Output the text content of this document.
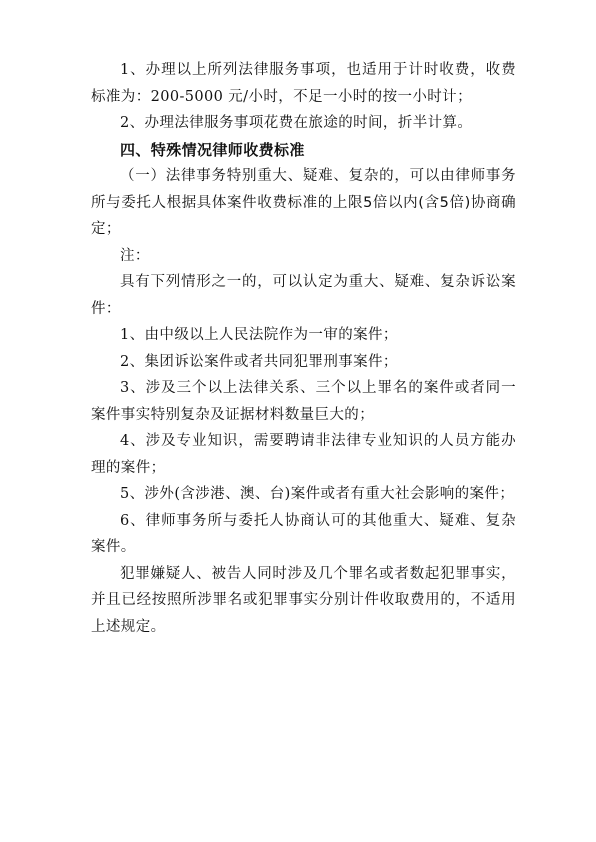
1、办理以上所列法律服务事项，也适用于计时收费，收费标准为：200-5000 元/小时，不足一小时的按一小时计；

2、办理法律服务事项花费在旅途的时间，折半计算。

四、特殊情况律师收费标准

（一）法律事务特别重大、疑难、复杂的，可以由律师事务所与委托人根据具体案件收费标准的上限5倍以内(含5倍)协商确定；

注：

具有下列情形之一的，可以认定为重大、疑难、复杂诉讼案件：

1、由中级以上人民法院作为一审的案件；

2、集团诉讼案件或者共同犯罪刑事案件；

3、涉及三个以上法律关系、三个以上罪名的案件或者同一案件事实特别复杂及证据材料数量巨大的；

4、涉及专业知识，需要聘请非法律专业知识的人员方能办理的案件；

5、涉外(含涉港、澳、台)案件或者有重大社会影响的案件；

6、律师事务所与委托人协商认可的其他重大、疑难、复杂案件。

犯罪嫌疑人、被告人同时涉及几个罪名或者数起犯罪事实，并且已经按照所涉罪名或犯罪事实分别计件收取费用的，不适用上述规定。
